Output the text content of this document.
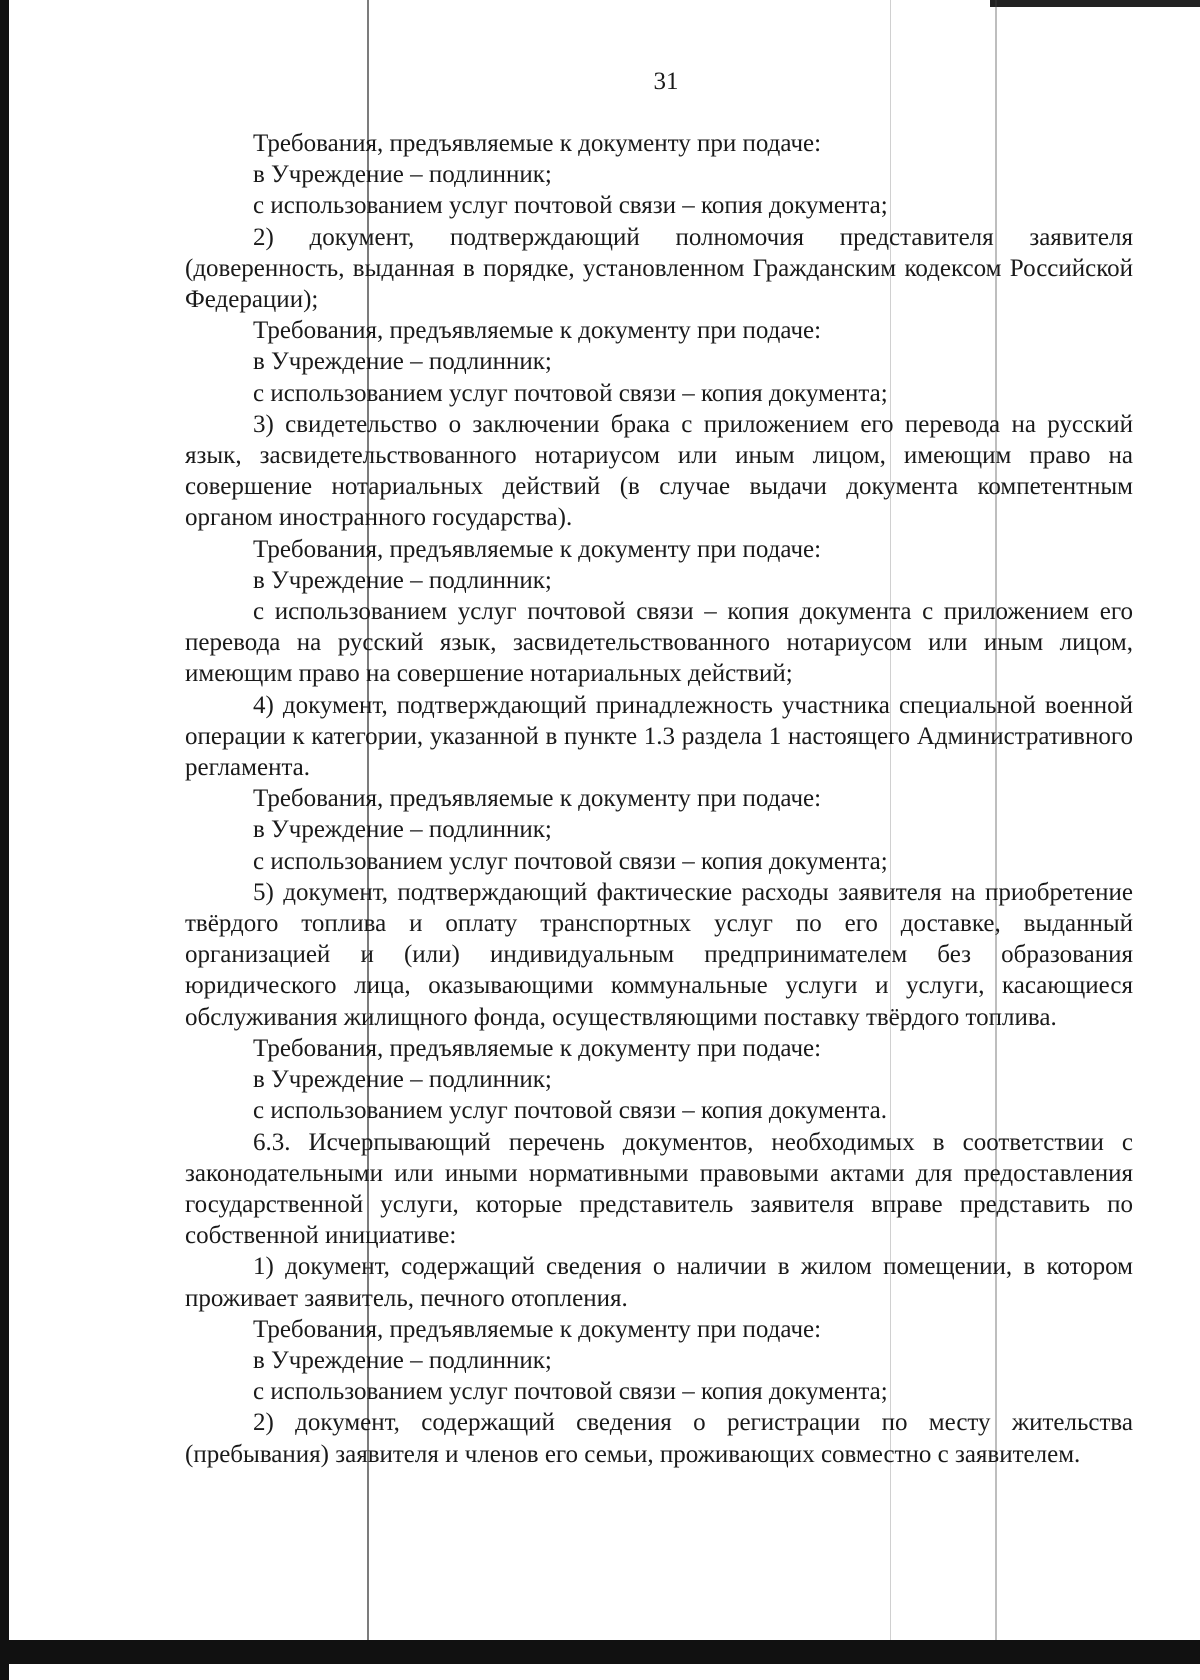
31

Требования, предъявляемые к документу при подаче:

в Учреждение – подлинник;

с использованием услуг почтовой связи – копия документа;

2) документ, подтверждающий полномочия представителя заявителя (доверенность, выданная в порядке, установленном Гражданским кодексом Российской Федерации);

Требования, предъявляемые к документу при подаче:

в Учреждение – подлинник;

с использованием услуг почтовой связи – копия документа;

3) свидетельство о заключении брака с приложением его перевода на русский язык, засвидетельствованного нотариусом или иным лицом, имеющим право на совершение нотариальных действий (в случае выдачи документа компетентным органом иностранного государства).

Требования, предъявляемые к документу при подаче:

в Учреждение – подлинник;

с использованием услуг почтовой связи – копия документа с приложением его перевода на русский язык, засвидетельствованного нотариусом или иным лицом, имеющим право на совершение нотариальных действий;

4) документ, подтверждающий принадлежность участника специальной военной операции к категории, указанной в пункте 1.3 раздела 1 настоящего Административного регламента.

Требования, предъявляемые к документу при подаче:

в Учреждение – подлинник;

с использованием услуг почтовой связи – копия документа;

5) документ, подтверждающий фактические расходы заявителя на приобретение твёрдого топлива и оплату транспортных услуг по его доставке, выданный организацией и (или) индивидуальным предпринимателем без образования юридического лица, оказывающими коммунальные услуги и услуги, касающиеся обслуживания жилищного фонда, осуществляющими поставку твёрдого топлива.

Требования, предъявляемые к документу при подаче:

в Учреждение – подлинник;

с использованием услуг почтовой связи – копия документа.

6.3. Исчерпывающий перечень документов, необходимых в соответствии с законодательными или иными нормативными правовыми актами для предоставления государственной услуги, которые представитель заявителя вправе представить по собственной инициативе:

1) документ, содержащий сведения о наличии в жилом помещении, в котором проживает заявитель, печного отопления.

Требования, предъявляемые к документу при подаче:

в Учреждение – подлинник;

с использованием услуг почтовой связи – копия документа;

2) документ, содержащий сведения о регистрации по месту жительства (пребывания) заявителя и членов его семьи, проживающих совместно с заявителем.
